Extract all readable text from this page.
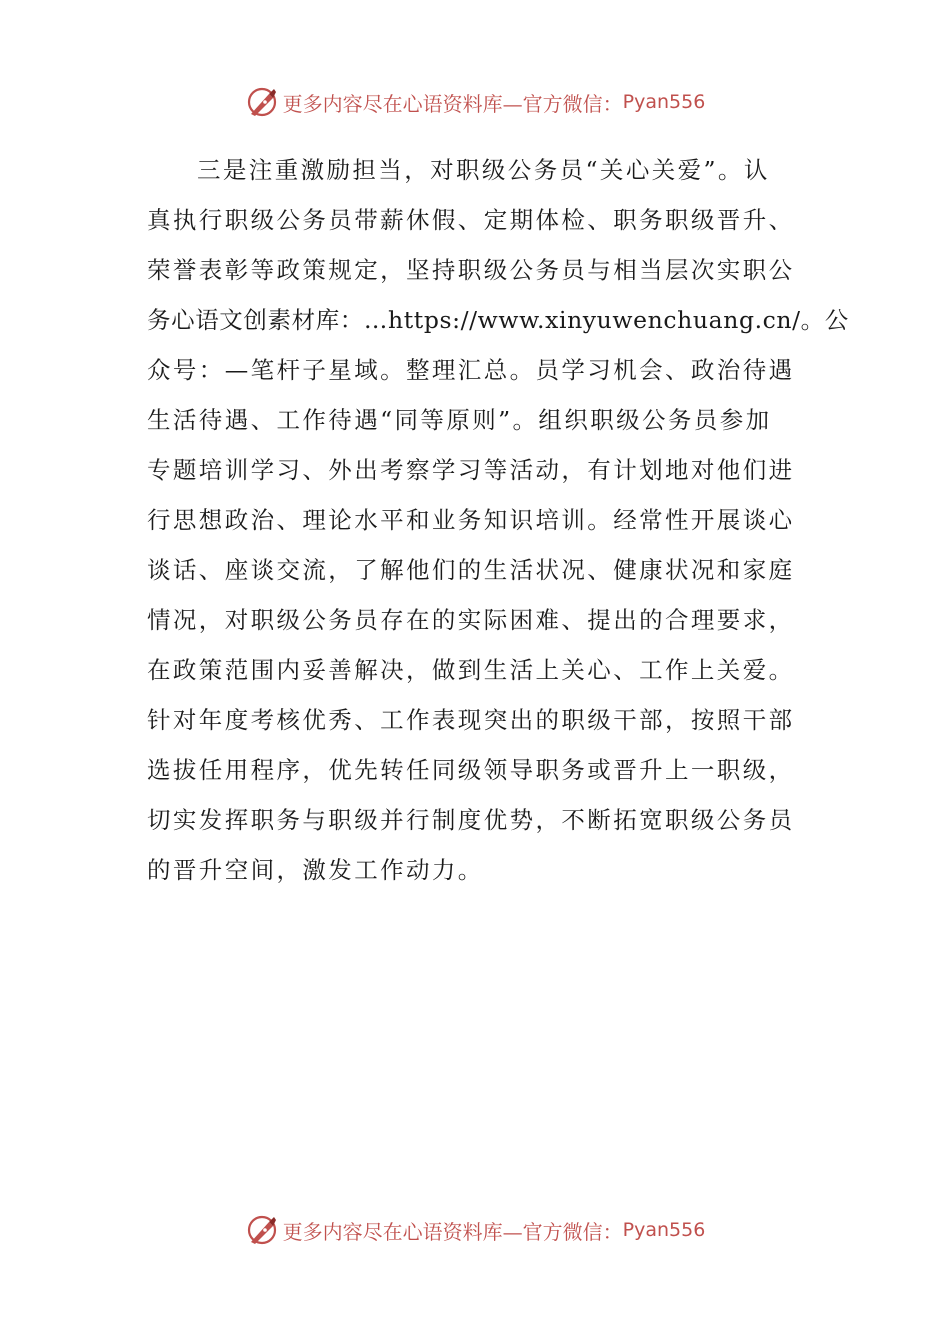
更多内容尽在心语资料库—官方微信： Pyan556
三是注重激励担当，对职级公务员“关心关爱”。认
真执行职级公务员带薪休假、定期体检、职务职级晋升、
荣誉表彰等政策规定，坚持职级公务员与相当层次实职公
务心语文创素材库：…https://www.xinyuwenchuang.cn/。公
众号：—笔杆子星域。整理汇总。员学习机会、政治待遇
生活待遇、工作待遇“同等原则”。组织职级公务员参加
专题培训学习、外出考察学习等活动，有计划地对他们进
行思想政治、理论水平和业务知识培训。经常性开展谈心
谈话、座谈交流，了解他们的生活状况、健康状况和家庭
情况，对职级公务员存在的实际困难、提出的合理要求，
在政策范围内妥善解决，做到生活上关心、工作上关爱。
针对年度考核优秀、工作表现突出的职级干部，按照干部
选拔任用程序，优先转任同级领导职务或晋升上一职级，
切实发挥职务与职级并行制度优势，不断拓宽职级公务员
的晋升空间，激发工作动力。
更多内容尽在心语资料库—官方微信： Pyan556
